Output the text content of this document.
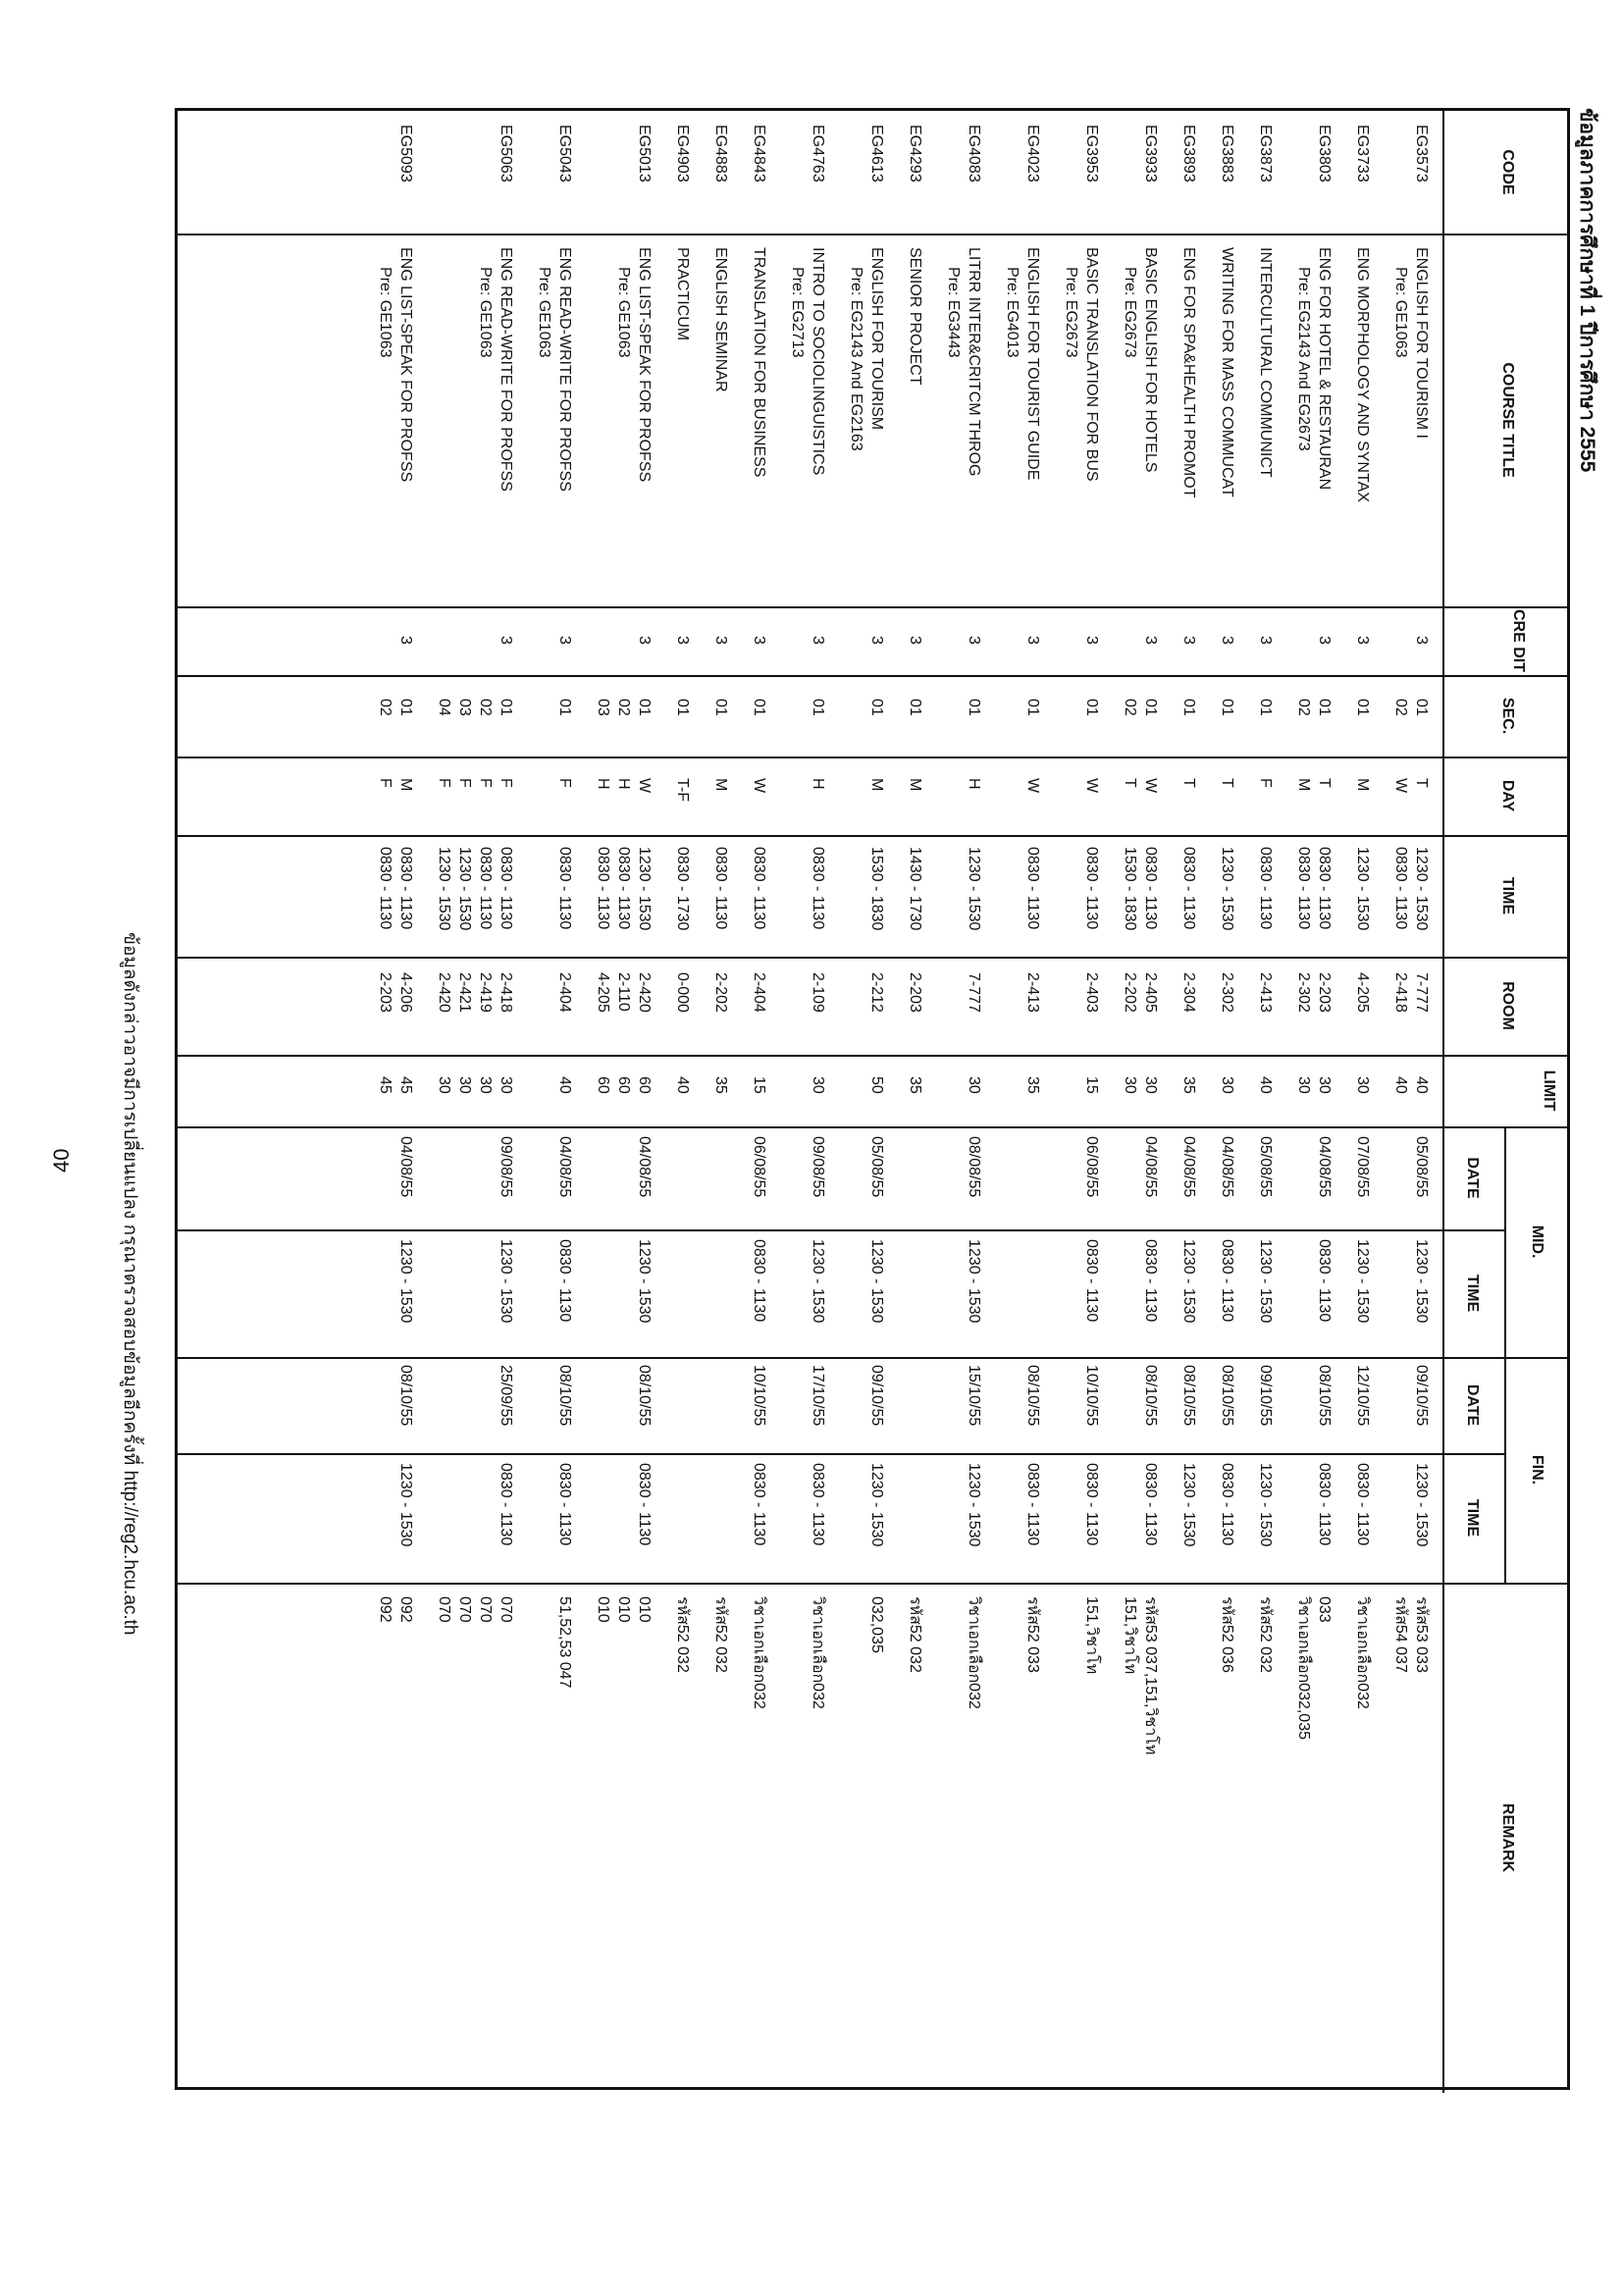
40
ข้อมูลภาคการศึกษาที่ 1 ปีการศึกษา 2555
CODE
COURSE TITLE
CRE DIT
SEC.
DAY
TIME
ROOM
LIMIT
MID.
DATE
TIME
FIN.
DATE
TIME
REMARK
EG3573
ENGLISH FOR TOURISM I
Pre: GE1063
3
01
T
1230 - 1530
7-777
40
รหัส53 033
02
W
0830 - 1130
2-418
40
รหัส54 037
05/08/55
1230 - 1530
09/10/55
1230 - 1530
EG3733
ENG MORPHOLOGY AND SYNTAX
3
01
M
1230 - 1530
4-205
30
วิชาเอกเลือก032
07/08/55
1230 - 1530
12/10/55
0830 - 1130
EG3803
ENG FOR HOTEL & RESTAURAN
Pre: EG2143 And EG2673
3
01
T
0830 - 1130
2-203
30
033
02
M
0830 - 1130
2-302
30
วิชาเอกเลือก032,035
04/08/55
0830 - 1130
08/10/55
0830 - 1130
EG3873
INTERCULTURAL COMMUNICT
3
01
F
0830 - 1130
2-413
40
รหัส52 032
05/08/55
1230 - 1530
09/10/55
1230 - 1530
EG3883
WRITING FOR MASS COMMUCAT
3
01
T
1230 - 1530
2-302
30
รหัส52 036
04/08/55
0830 - 1130
08/10/55
0830 - 1130
EG3893
ENG FOR SPA&HEALTH PROMOT
3
01
T
0830 - 1130
2-304
35
04/08/55
1230 - 1530
08/10/55
1230 - 1530
EG3933
BASIC ENGLISH FOR HOTELS
Pre: EG2673
3
01
W
0830 - 1130
2-405
30
รหัส53 037,151,วิชาโท
02
T
1530 - 1830
2-202
30
151,วิชาโท
04/08/55
0830 - 1130
08/10/55
0830 - 1130
EG3953
BASIC TRANSLATION FOR BUS
Pre: EG2673
3
01
W
0830 - 1130
2-403
15
151,วิชาโท
06/08/55
0830 - 1130
10/10/55
0830 - 1130
EG4023
ENGLISH FOR TOURIST GUIDE
Pre: EG4013
3
01
W
0830 - 1130
2-413
35
รหัส52 033
08/10/55
0830 - 1130
EG4083
LITRR INTER&CRITCM THROG
Pre: EG3443
3
01
H
1230 - 1530
7-777
30
วิชาเอกเลือก032
08/08/55
1230 - 1530
15/10/55
1230 - 1530
EG4293
SENIOR PROJECT
3
01
M
1430 - 1730
2-203
35
รหัส52 032
EG4613
ENGLISH FOR TOURISM
Pre: EG2143 And EG2163
3
01
M
1530 - 1830
2-212
50
032,035
05/08/55
1230 - 1530
09/10/55
1230 - 1530
EG4763
INTRO TO SOCIOLINGUISTICS
Pre: EG2713
3
01
H
0830 - 1130
2-109
30
วิชาเอกเลือก032
09/08/55
1230 - 1530
17/10/55
0830 - 1130
EG4843
TRANSLATION FOR BUSINESS
3
01
W
0830 - 1130
2-404
15
วิชาเอกเลือก032
06/08/55
0830 - 1130
10/10/55
0830 - 1130
EG4883
ENGLISH SEMINAR
3
01
M
0830 - 1130
2-202
35
รหัส52 032
EG4903
PRACTICUM
3
01
T-F
0830 - 1730
0-000
40
รหัส52 032
EG5013
ENG LIST-SPEAK FOR PROFSS
Pre: GE1063
3
01
W
1230 - 1530
2-420
60
010
02
H
0830 - 1130
2-110
60
010
03
H
0830 - 1130
4-205
60
010
04/08/55
1230 - 1530
08/10/55
0830 - 1130
EG5043
ENG READ-WRITE FOR PROFSS
Pre: GE1063
3
01
F
0830 - 1130
2-404
40
51,52,53 047
04/08/55
0830 - 1130
08/10/55
0830 - 1130
EG5063
ENG READ-WRITE FOR PROFSS
Pre: GE1063
3
01
F
0830 - 1130
2-418
30
070
02
F
0830 - 1130
2-419
30
070
03
F
1230 - 1530
2-421
30
070
04
F
1230 - 1530
2-420
30
070
09/08/55
1230 - 1530
25/09/55
0830 - 1130
EG5093
ENG LIST-SPEAK FOR PROFSS
Pre: GE1063
3
01
M
0830 - 1130
4-206
45
092
02
F
0830 - 1130
2-203
45
092
04/08/55
1230 - 1530
08/10/55
1230 - 1530
ข้อมูลดังกล่าวอาจมีการเปลี่ยนแปลง กรุณาตรวจสอบข้อมูลอีกครั้งที่ http://reg2.hcu.ac.th
